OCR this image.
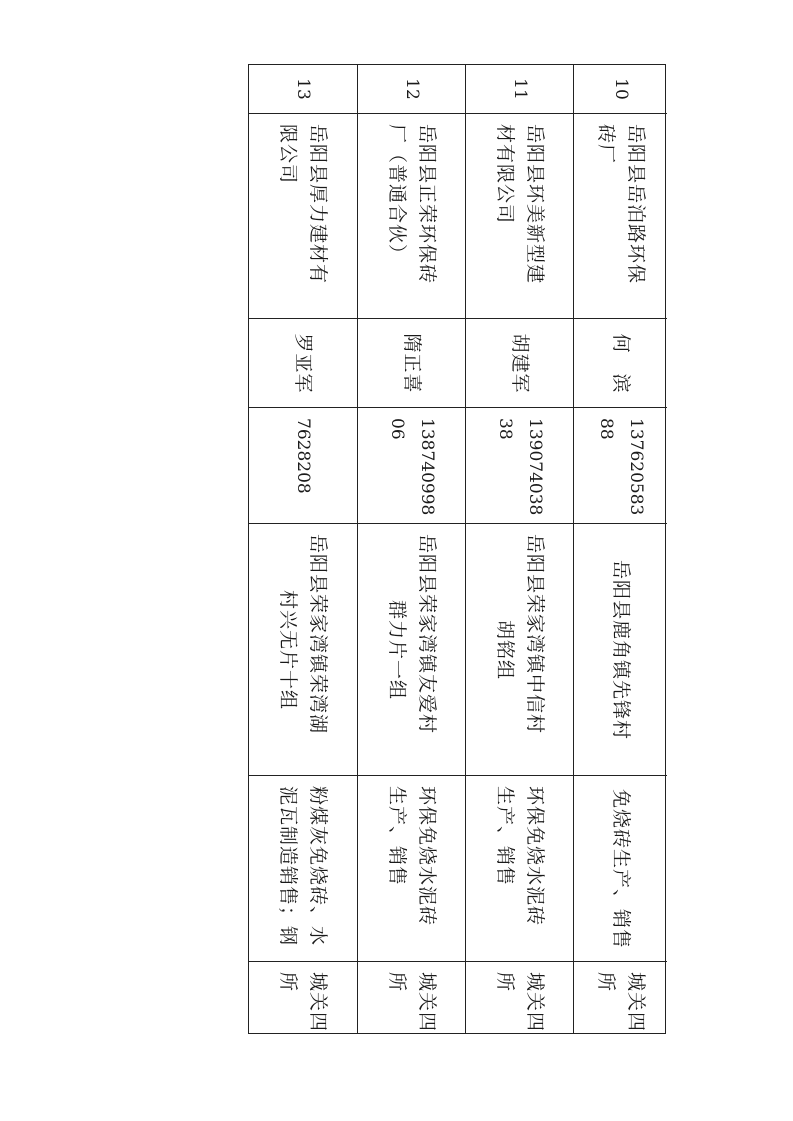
10
岳阳县岳泊路环保
砖厂
何　滨
137620583
88
岳阳县鹿角镇先锋村
免烧砖生产、销售
城关四
所
11
岳阳县环美新型建
材有限公司
胡建军
139074038
38
岳阳县荣家湾镇中信村
胡铭组
环保免烧水泥砖
生产、销售
城关四
所
12
岳阳县正荣环保砖
厂（普通合伙）
隋正喜
138740998
06
岳阳县荣家湾镇友爱村
群力片一组
环保免烧水泥砖
生产、销售
城关四
所
13
岳阳县厚力建材有
限公司
罗亚军
7628208
岳阳县荣家湾镇荣湾湖
村兴无片十组
粉煤灰免烧砖、水
泥瓦制造销售；钢
城关四
所
